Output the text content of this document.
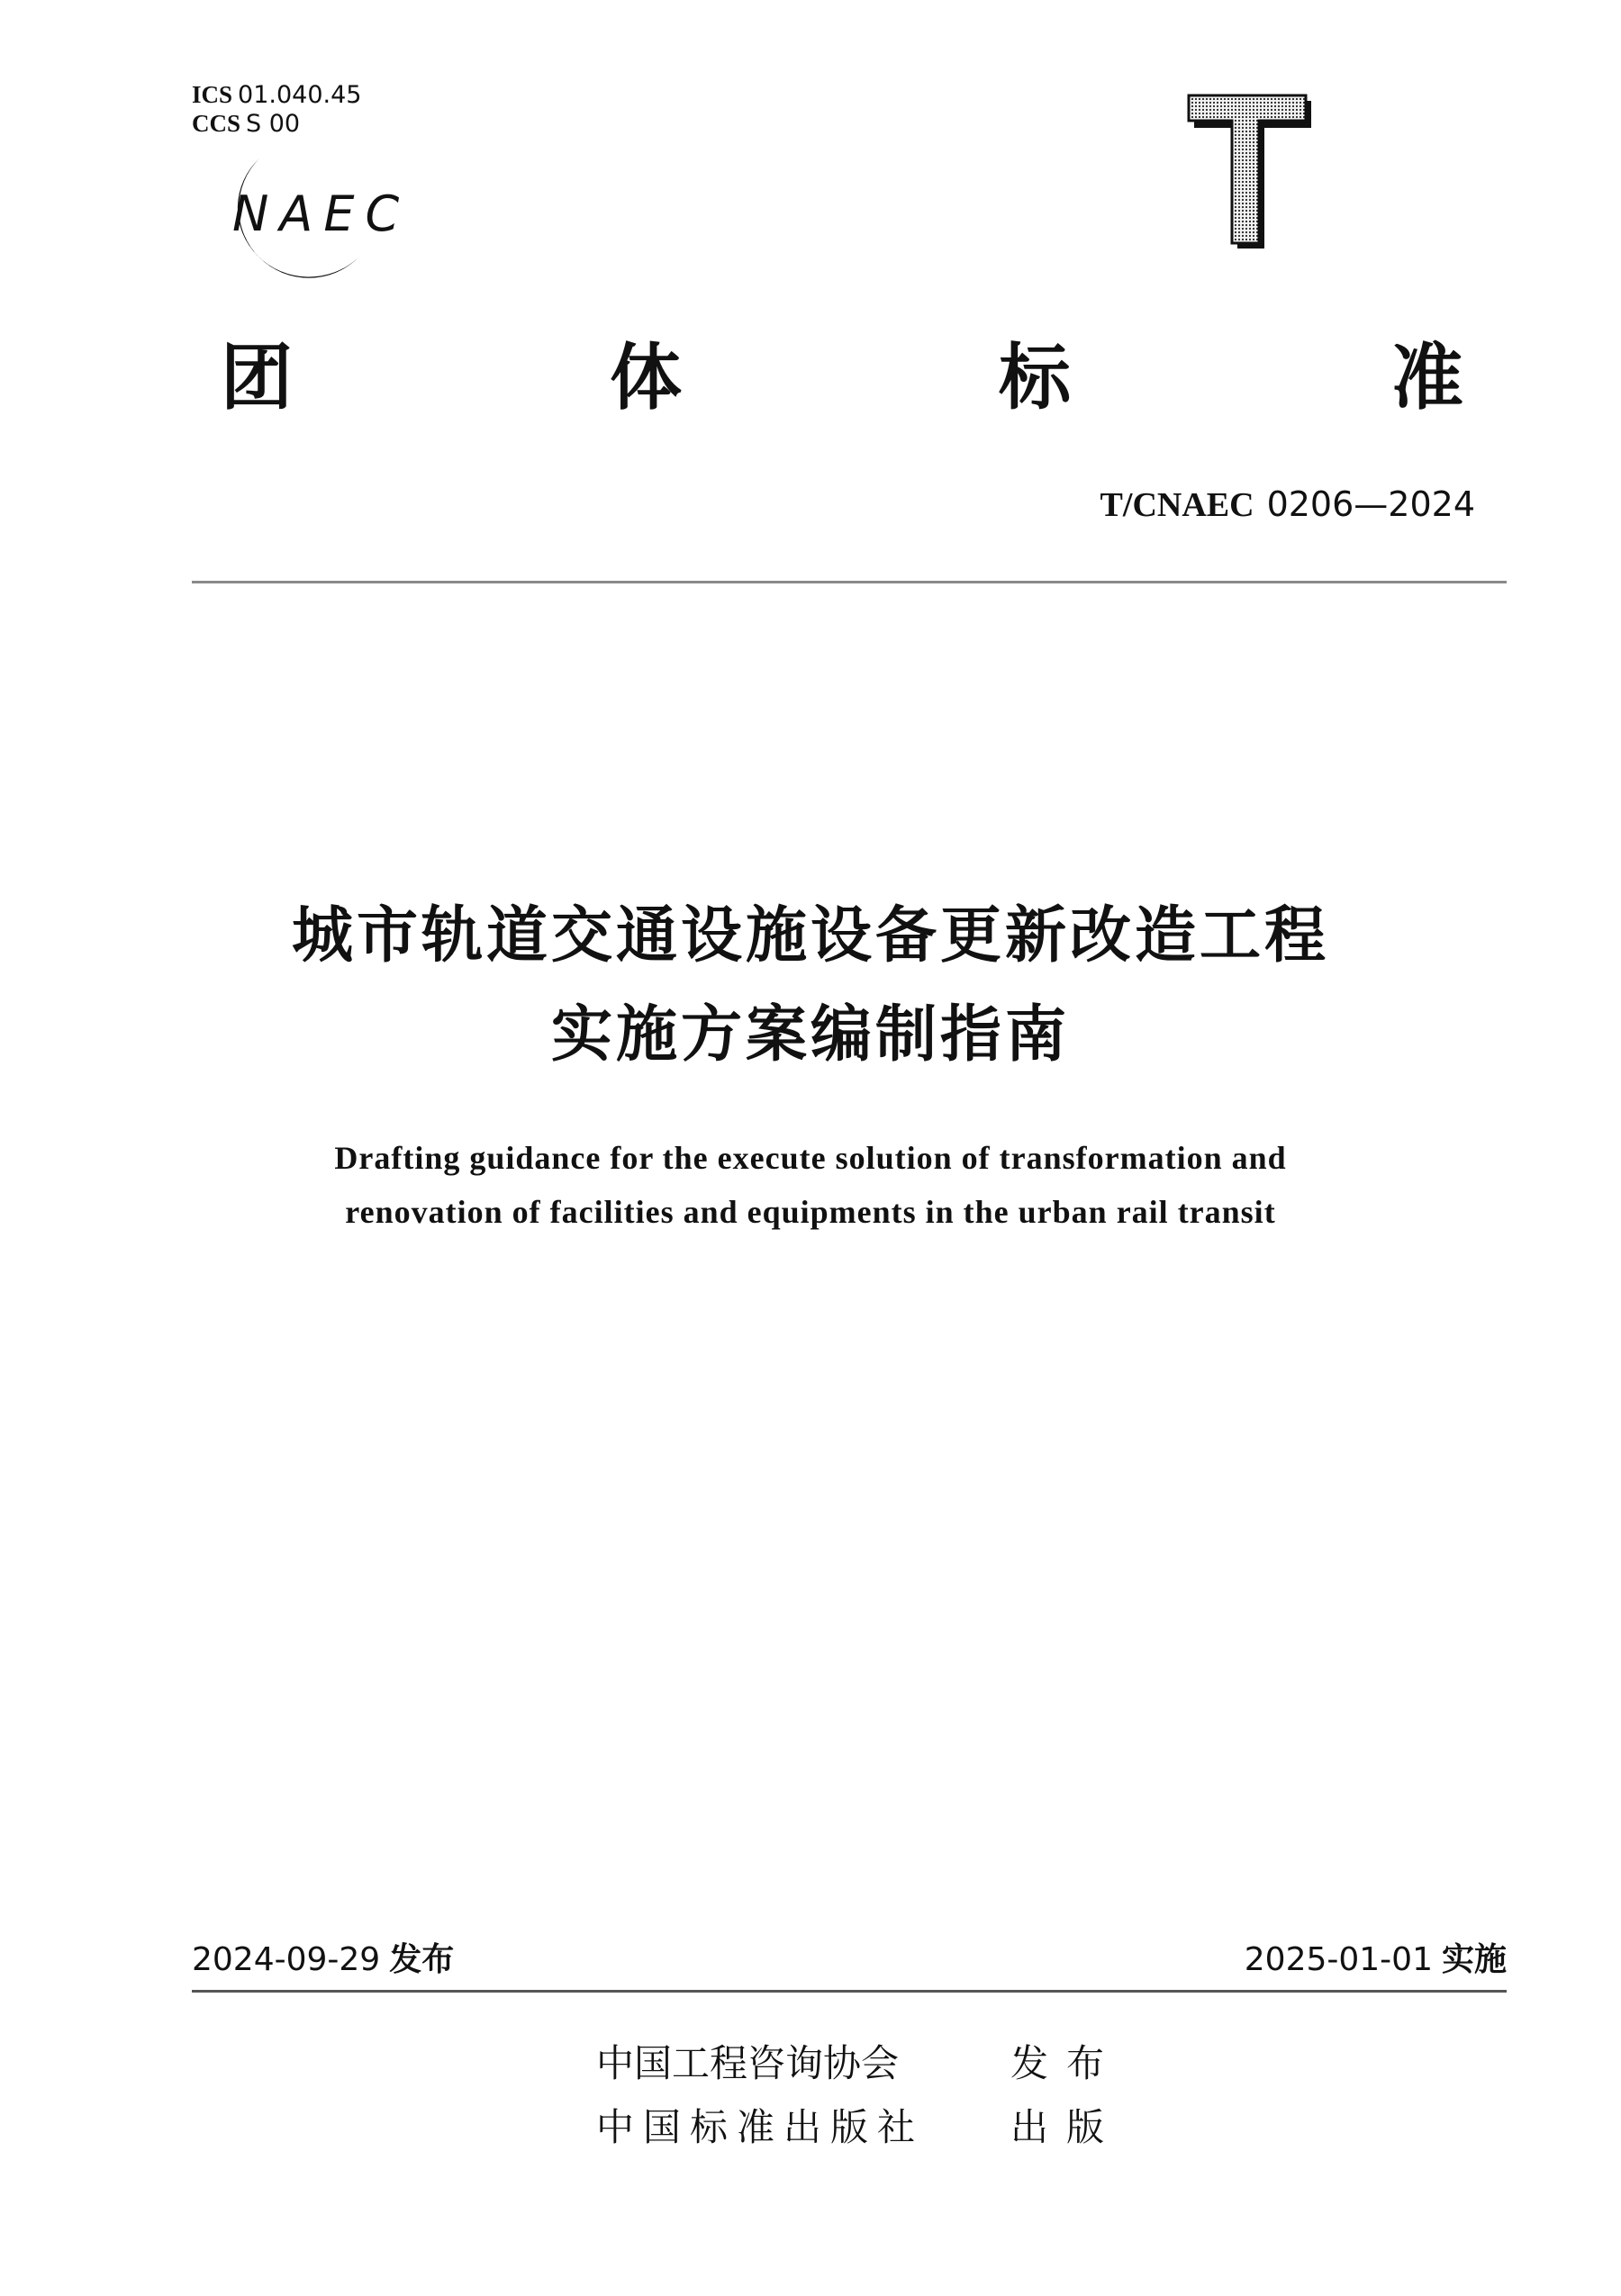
ICS 01.040.45
CCS S 00
NAEC
团	体	标	准
T/CNAEC 0206—2024
城市轨道交通设施设备更新改造工程
实施方案编制指南
Drafting guidance for the execute solution of transformation and
renovation of facilities and equipments in the urban rail transit
2024-09-29 发布	2025-01-01 实施
中国工程咨询协会	发布
中国标准出版社 出版
